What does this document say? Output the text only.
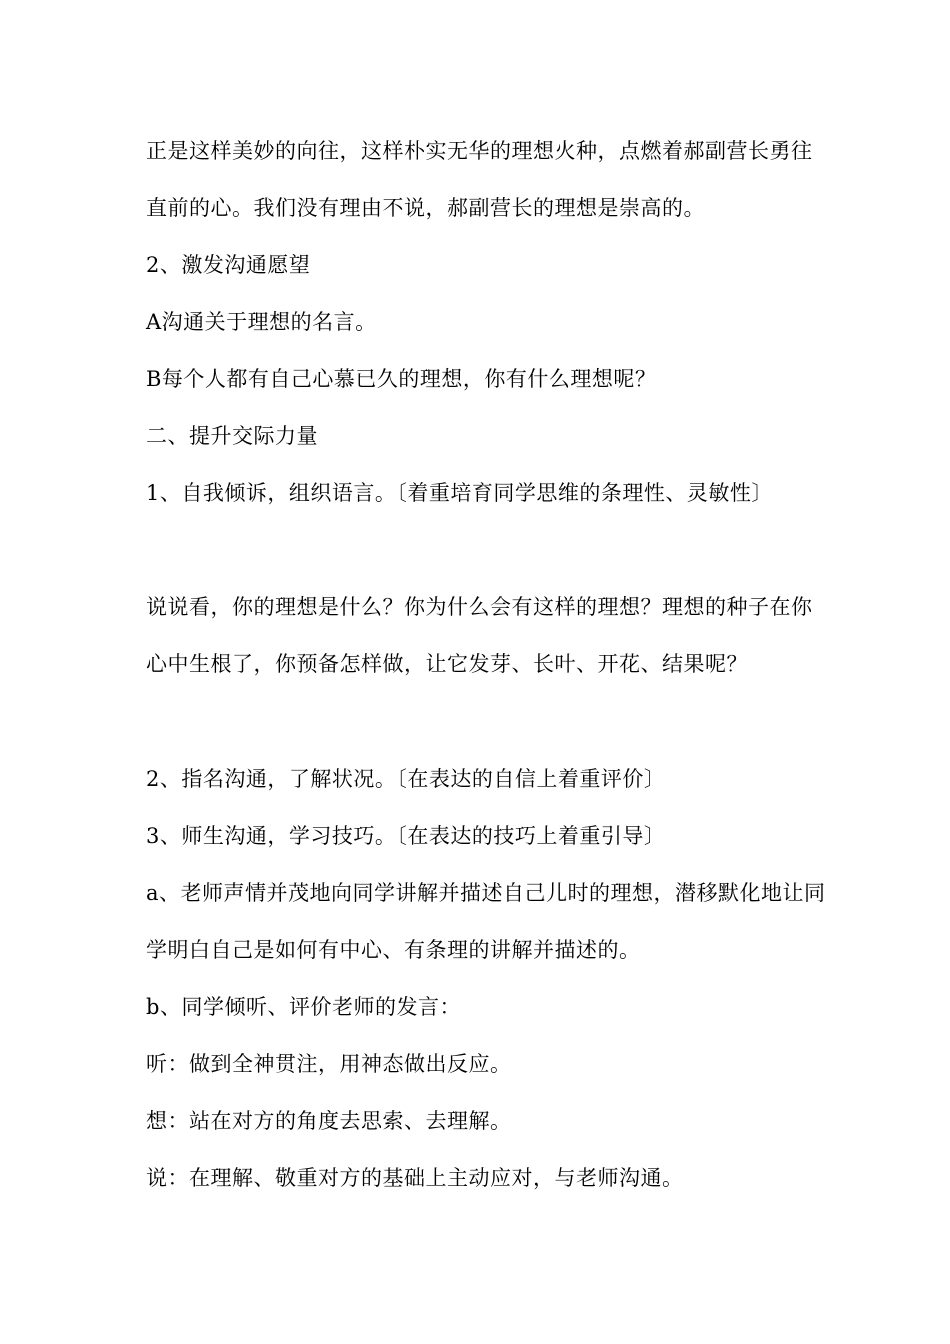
正是这样美妙的向往，这样朴实无华的理想火种，点燃着郝副营长勇往直前的心。我们没有理由不说，郝副营长的理想是崇高的。

2、激发沟通愿望

A沟通关于理想的名言。

B每个人都有自己心慕已久的理想，你有什么理想呢？

二、提升交际力量

1、自我倾诉，组织语言。〔着重培育同学思维的条理性、灵敏性〕

说说看，你的理想是什么？你为什么会有这样的理想？理想的种子在你心中生根了，你预备怎样做，让它发芽、长叶、开花、结果呢？

2、指名沟通，了解状况。〔在表达的自信上着重评价〕

3、师生沟通，学习技巧。〔在表达的技巧上着重引导〕

a、老师声情并茂地向同学讲解并描述自己儿时的理想，潜移默化地让同学明白自己是如何有中心、有条理的讲解并描述的。

b、同学倾听、评价老师的发言：

听：做到全神贯注，用神态做出反应。

想：站在对方的角度去思索、去理解。

说：在理解、敬重对方的基础上主动应对，与老师沟通。
